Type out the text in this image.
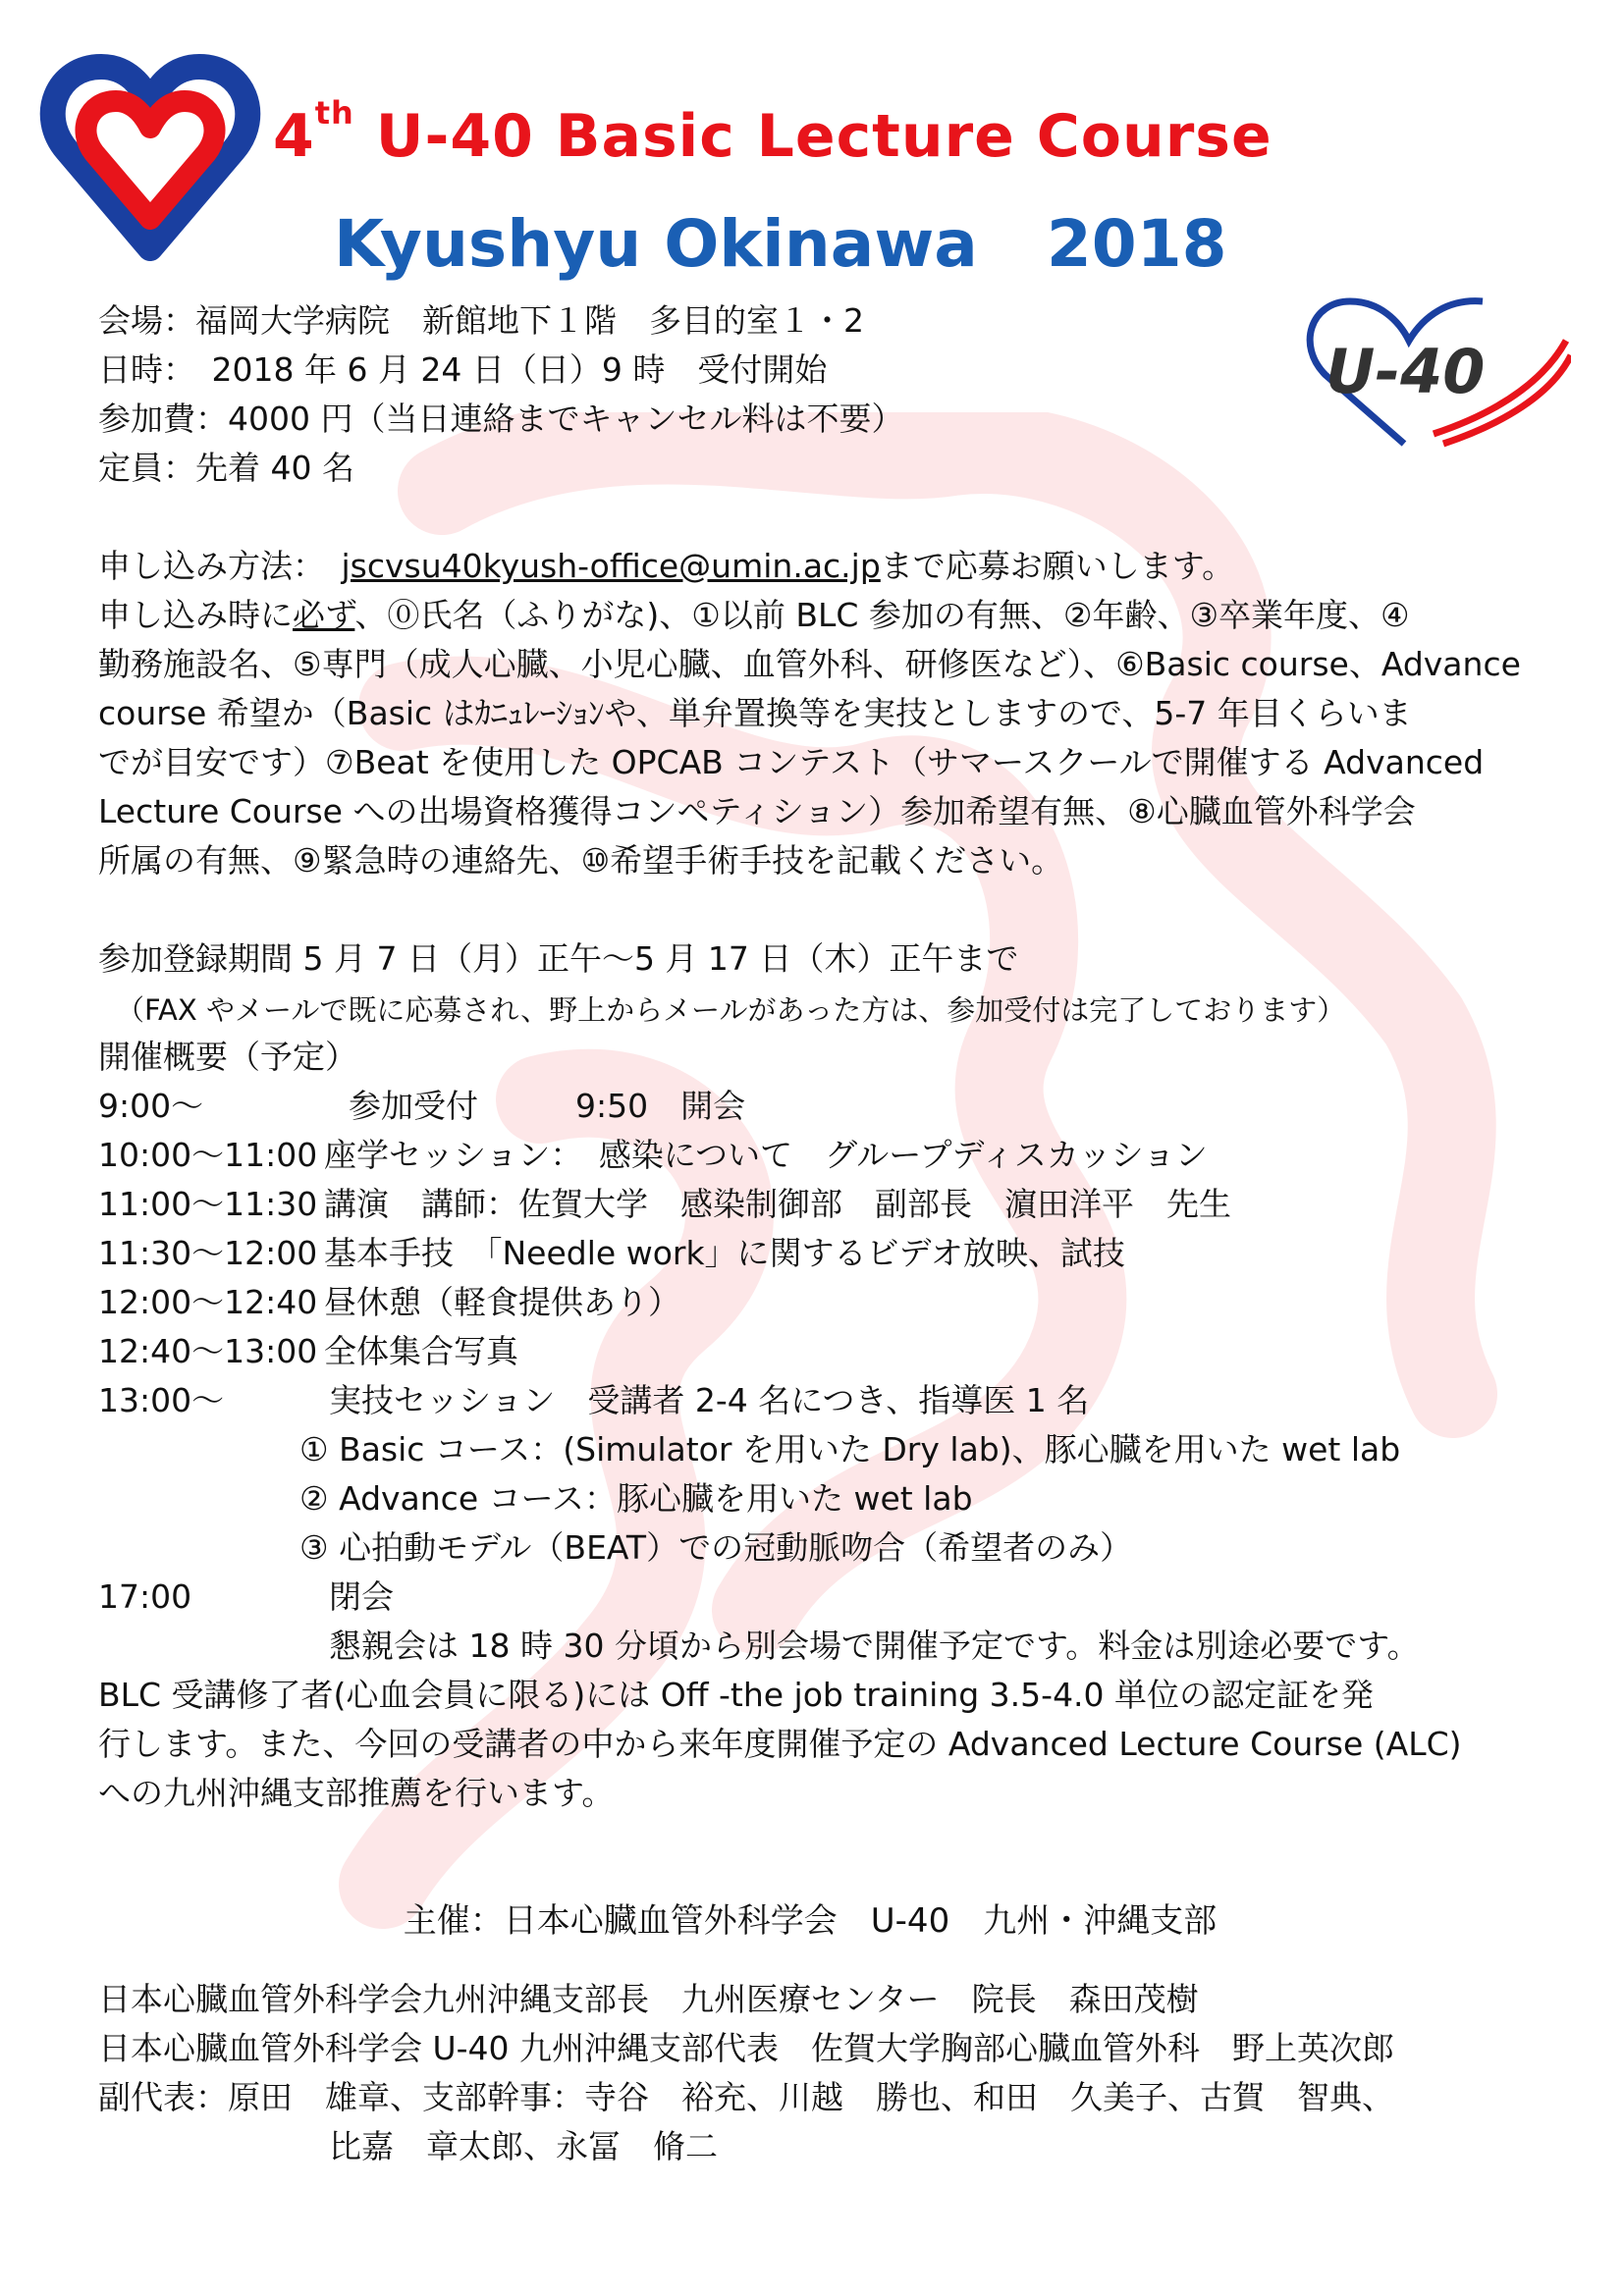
U-40
4th U-40 Basic Lecture Course
Kyushyu Okinawa 2018
会場：福岡大学病院　新館地下１階　多目的室１・2
日時：　2018 年 6 月 24 日（日）9 時　受付開始
参加費：4000 円（当日連絡までキャンセル料は不要）
定員：先着 40 名
申し込み方法：　jscvsu40kyush-office@umin.ac.jpまで応募お願いします。
申し込み時に必ず、⓪氏名（ふりがな)、①以前 BLC 参加の有無、②年齢、③卒業年度、④
勤務施設名、⑤専門（成人心臓、小児心臓、血管外科、研修医など）、⑥Basic course、Advance
course 希望か（Basic はｶﾆｭﾚｰｼｮﾝや、単弁置換等を実技としますので、5-7 年目くらいま
でが目安です）⑦Beat を使用した OPCAB コンテスト（サマースクールで開催する Advanced
Lecture Course への出場資格獲得コンペティション）参加希望有無、⑧心臓血管外科学会
所属の有無、⑨緊急時の連絡先、⑩希望手術手技を記載ください。
参加登録期間 5 月 7 日（月）正午～5 月 17 日（木）正午まで
（FAX やメールで既に応募され、野上からメールがあった方は、参加受付は完了しております）
開催概要（予定）
9:00～	参加受付　　　9:50　開会
10:00～11:00 座学セッション：　感染について　グループディスカッション
11:00～11:30 講演　講師：佐賀大学　感染制御部　副部長　濵田洋平　先生
11:30～12:00 基本手技　「Needle work」に関するビデオ放映、試技
12:00～12:40 昼休憩（軽食提供あり）
12:40～13:00 全体集合写真
13:00～	実技セッション　受講者 2-4 名につき、指導医 1 名
① Basic コース：(Simulator を用いた Dry lab)、豚心臓を用いた wet lab
② Advance コース：豚心臓を用いた wet lab
③ 心拍動モデル（BEAT）での冠動脈吻合（希望者のみ）
17:00	閉会
懇親会は 18 時 30 分頃から別会場で開催予定です。料金は別途必要です。
BLC 受講修了者(心血会員に限る)には Off -the job training 3.5-4.0 単位の認定証を発
行します。また、今回の受講者の中から来年度開催予定の Advanced Lecture Course (ALC)
への九州沖縄支部推薦を行います。
主催：日本心臓血管外科学会　U-40　九州・沖縄支部
日本心臓血管外科学会九州沖縄支部長　九州医療センター　院長　森田茂樹
日本心臓血管外科学会 U-40 九州沖縄支部代表　佐賀大学胸部心臓血管外科　野上英次郎
副代表：原田　雄章、支部幹事：寺谷　裕充、川越　勝也、和田　久美子、古賀　智典、
比嘉　章太郎、永冨　脩二
